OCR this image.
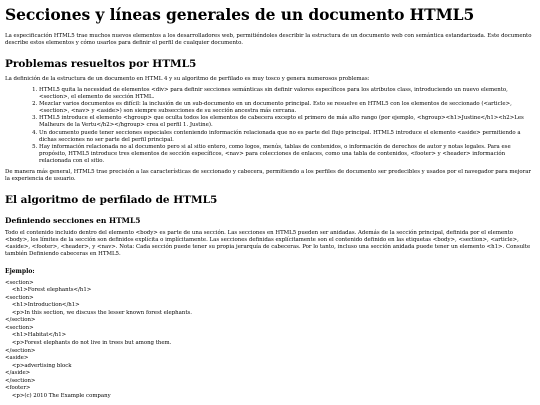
Secciones y líneas generales de un documento HTML5

La especificación HTML5 trae muchos nuevos elementos a los desarrolladores web, permitiéndoles describir la estructura de un documento web con semántica estandarizada. Este documento describe estos elementos y cómo usarlos para definir el perfil de cualquier documento.

Problemas resueltos por HTML5

La definición de la estructura de un documento en HTML 4 y su algoritmo de perfilado es muy tosco y genera numerosos problemas:

1. HTML5 quita la necesidad de elementos <div> para definir secciones semánticas sin definir valores específicos para los atributos class, introduciendo un nuevo elemento, <section>, el elemento de sección HTML.
2. Mezclar varios documentos es difícil: la inclusión de un sub-documento en un documento principal. Esto se resuelve en HTML5 con los elementos de seccionado (<article>, <section>, <nav> y <aside>) son siempre subsecciones de su sección ancestra más cercana.
3. HTML5 introduce el elemento <hgroup> que oculta todos los elementos de cabecera excepto el primero de más alto rango (por ejemplo, <hgroup><h1>Justine</h1><h2>Les Malheurs de la Vertu</h2></hgroup> crea el perfil 1. Justine).
4. Un documento puede tener secciones especiales conteniendo información relacionada que no es parte del flujo principal. HTML5 introduce el elemento <aside> permitiendo a dichas secciones no ser parte del perfil principal.
5. Hay información relacionada no al documento pero si al sitio entero, como logos, menús, tablas de contenidos, o información de derechos de autor y notas legales. Para ese propósito, HTML5 introduce tres elementos de sección específicos, <nav> para colecciones de enlaces, como una tabla de contenidos, <footer> y <header> información relacionada con el sitio.

De manera más general, HTML5 trae precisión a las características de seccionado y cabecera, permitiendo a los perfiles de documento ser predecibles y usados por el navegador para mejorar la experiencia de usuario.

El algoritmo de perfilado de HTML5
Definiendo secciones en HTML5

Todo el contenido incluido dentro del elemento <body> es parte de una sección. Las secciones en HTML5 pueden ser anidadas. Además de la sección principal, definida por el elemento <body>, los límites de la sección son definidos explícita o implícitamente. Las secciones definidas explícitamente son el contenido definido en las etiquetas <body>, <section>, <article>, <aside>, <footer>, <header>, y <nav>. Nota: Cada sección puede tener su propia jerarquía de cabeceras. Por lo tanto, incluso una sección anidada puede tener un elemento <h1>. Consulte también Definiendo cabeceras en HTML5.

Ejemplo:
<section>
<h1>Forest elephants</h1>
<section>
<h1>Introduction</h1>
<p>In this section, we discuss the lesser known forest elephants.
</section>
<section>
<h1>Habitat</h1>
<p>Forest elephants do not live in trees but among them.
</section>
<aside>
<p>advertising block
</aside>
</section>
<footer>
<p>(c) 2010 The Example company
